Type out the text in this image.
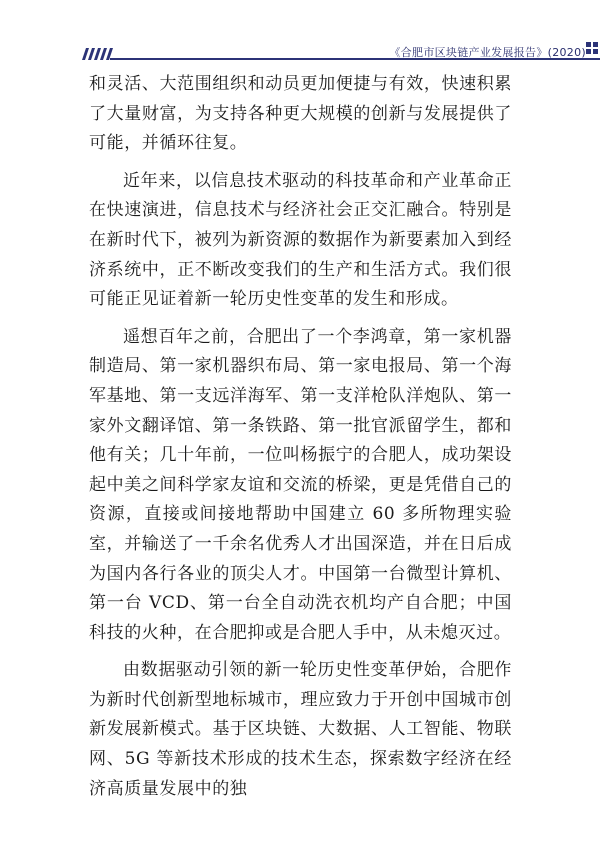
《合肥市区块链产业发展报告》(2020)

和灵活、大范围组织和动员更加便捷与有效，快速积累了大量财富，为支持各种更大规模的创新与发展提供了可能，并循环往复。

近年来，以信息技术驱动的科技革命和产业革命正在快速演进，信息技术与经济社会正交汇融合。特别是在新时代下，被列为新资源的数据作为新要素加入到经济系统中，正不断改变我们的生产和生活方式。我们很可能正见证着新一轮历史性变革的发生和形成。

遥想百年之前，合肥出了一个李鸿章，第一家机器制造局、第一家机器织布局、第一家电报局、第一个海军基地、第一支远洋海军、第一支洋枪队洋炮队、第一家外文翻译馆、第一条铁路、第一批官派留学生，都和他有关；几十年前，一位叫杨振宁的合肥人，成功架设起中美之间科学家友谊和交流的桥梁，更是凭借自己的资源，直接或间接地帮助中国建立 60 多所物理实验室，并输送了一千余名优秀人才出国深造，并在日后成为国内各行各业的顶尖人才。中国第一台微型计算机、第一台 VCD、第一台全自动洗衣机均产自合肥；中国科技的火种，在合肥抑或是合肥人手中，从未熄灭过。

由数据驱动引领的新一轮历史性变革伊始，合肥作为新时代创新型地标城市，理应致力于开创中国城市创新发展新模式。基于区块链、大数据、人工智能、物联网、5G 等新技术形成的技术生态，探索数字经济在经济高质量发展中的独
